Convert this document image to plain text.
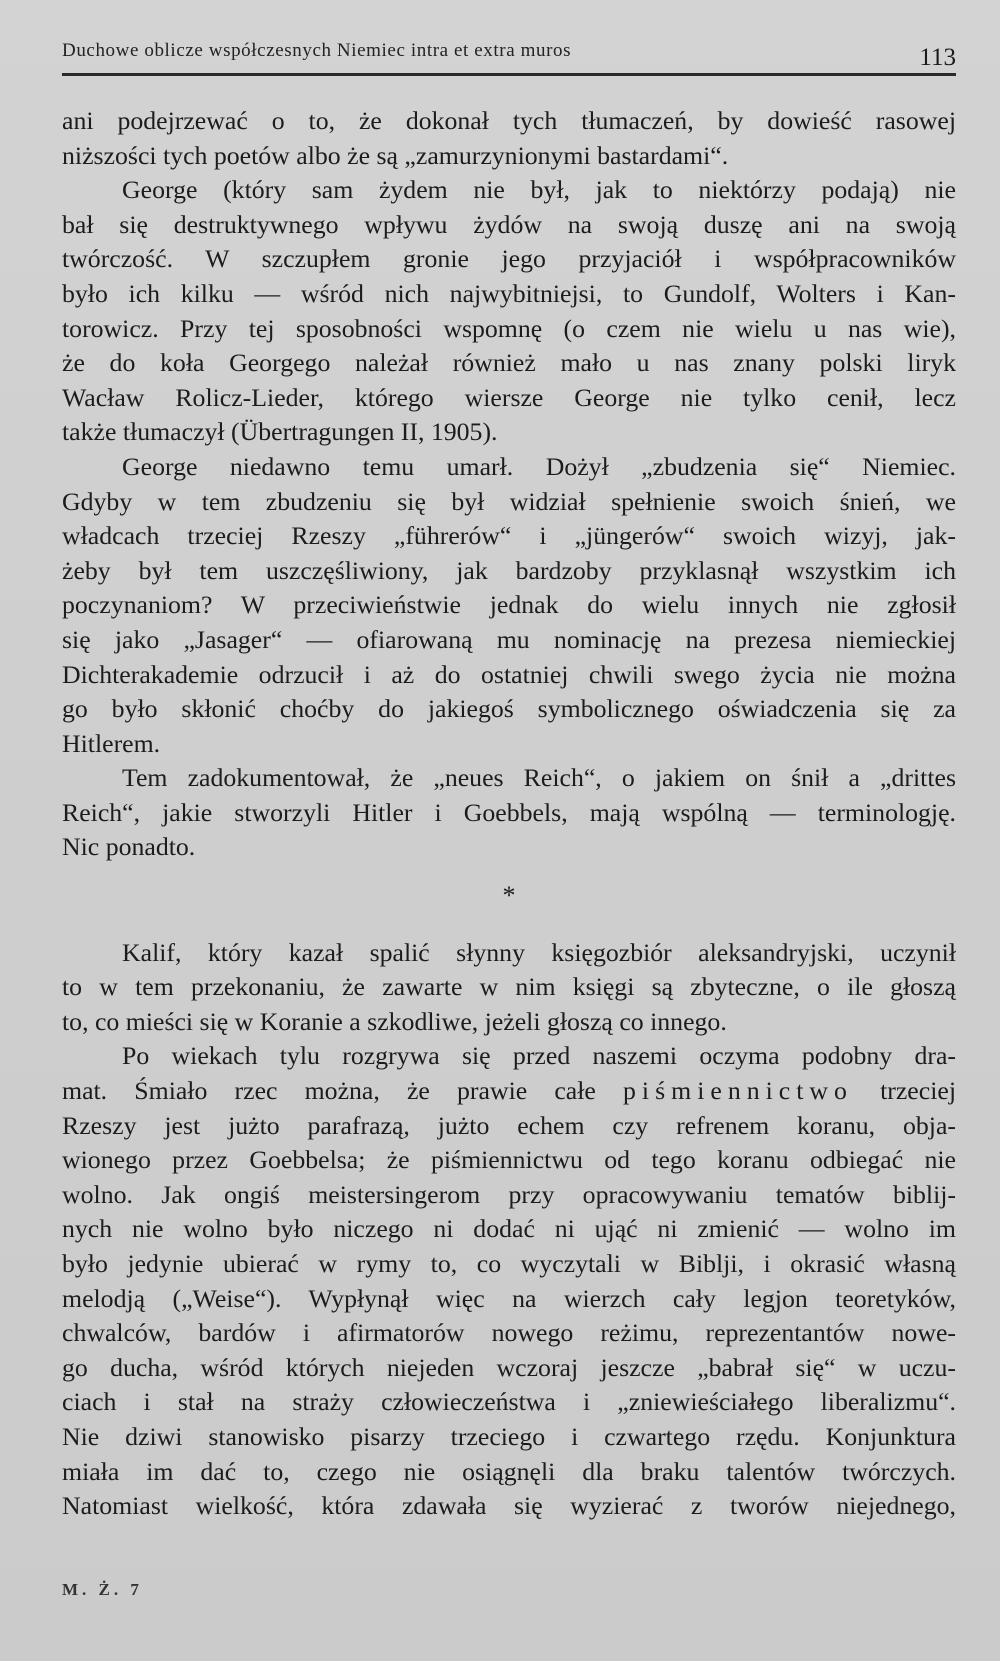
Duchowe oblicze współczesnych Niemiec intra et extra muros	113
ani podejrzewać o to, że dokonał tych tłumaczeń, by dowieść rasowej
niższości tych poetów albo że są „zamurzynionymi bastardami“.
George (który sam żydem nie był, jak to niektórzy podają) nie
bał się destruktywnego wpływu żydów na swoją duszę ani na swoją
twórczość. W szczupłem gronie jego przyjaciół i współpracowników
było ich kilku — wśród nich najwybitniejsi, to Gundolf, Wolters i Kan-
torowicz. Przy tej sposobności wspomnę (o czem nie wielu u nas wie),
że do koła Georgego należał również mało u nas znany polski liryk
Wacław Rolicz-Lieder, którego wiersze George nie tylko cenił, lecz
także tłumaczył (Übertragungen II, 1905).
George niedawno temu umarł. Dożył „zbudzenia się“ Niemiec.
Gdyby w tem zbudzeniu się był widział spełnienie swoich śnień, we
władcach trzeciej Rzeszy „führerów“ i „jüngerów“ swoich wizyj, jak-
żeby był tem uszczęśliwiony, jak bardzoby przyklasnął wszystkim ich
poczynaniom? W przeciwieństwie jednak do wielu innych nie zgłosił
się jako „Jasager“ — ofiarowaną mu nominację na prezesa niemieckiej
Dichterakademie odrzucił i aż do ostatniej chwili swego życia nie można
go było skłonić choćby do jakiegoś symbolicznego oświadczenia się za
Hitlerem.
Tem zadokumentował, że „neues Reich“, o jakiem on śnił a „drittes
Reich“, jakie stworzyli Hitler i Goebbels, mają wspólną — terminologję.
Nic ponadto.
*
Kalif, który kazał spalić słynny księgozbiór aleksandryjski, uczynił
to w tem przekonaniu, że zawarte w nim księgi są zbyteczne, o ile głoszą
to, co mieści się w Koranie a szkodliwe, jeżeli głoszą co innego.
Po wiekach tylu rozgrywa się przed naszemi oczyma podobny dra-
mat. Śmiało rzec można, że prawie całe piśmiennictwo trzeciej
Rzeszy jest jużto parafrazą, jużto echem czy refrenem koranu, obja-
wionego przez Goebbelsa; że piśmiennictwu od tego koranu odbiegać nie
wolno. Jak ongiś meistersingerom przy opracowywaniu tematów biblij-
nych nie wolno było niczego ni dodać ni ująć ni zmienić — wolno im
było jedynie ubierać w rymy to, co wyczytali w Biblji, i okrasić własną
melodją („Weise“). Wypłynął więc na wierzch cały legjon teoretyków,
chwalców, bardów i afirmatorów nowego reżimu, reprezentantów nowe-
go ducha, wśród których niejeden wczoraj jeszcze „babrał się“ w uczu-
ciach i stał na straży człowieczeństwa i „zniewieściałego liberalizmu“.
Nie dziwi stanowisko pisarzy trzeciego i czwartego rzędu. Konjunktura
miała im dać to, czego nie osiągnęli dla braku talentów twórczych.
Natomiast wielkość, która zdawała się wyzierać z tworów niejednego,
M. Ż. 7
